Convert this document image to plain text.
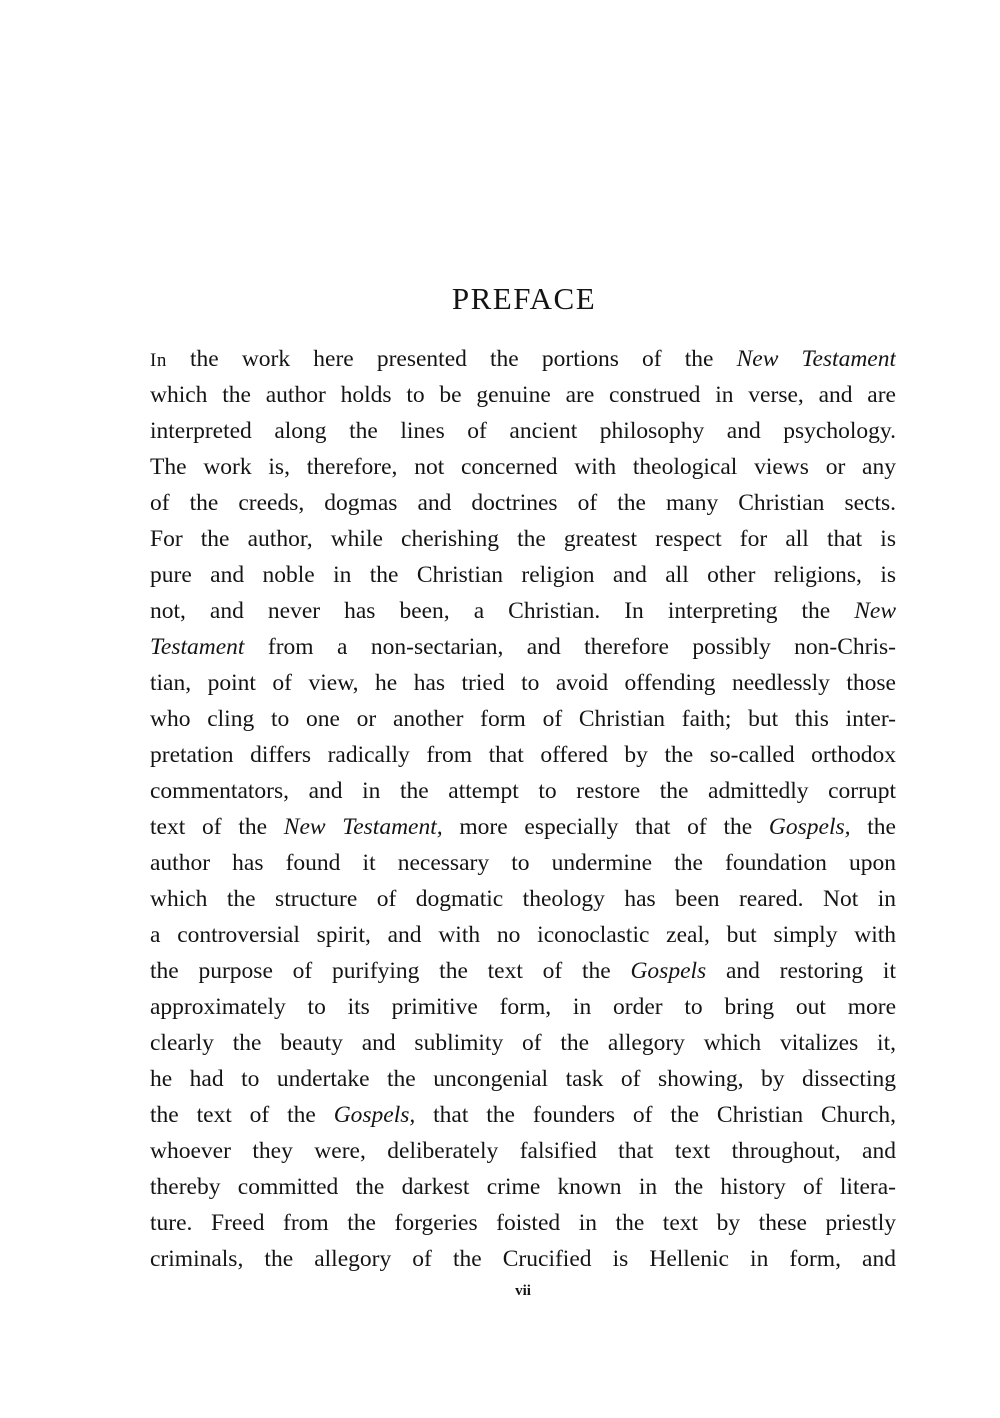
PREFACE
In the work here presented the portions of the New Testament
which the author holds to be genuine are construed in verse, and are
interpreted along the lines of ancient philosophy and psychology.
The work is, therefore, not concerned with theological views or any
of the creeds, dogmas and doctrines of the many Christian sects.
For the author, while cherishing the greatest respect for all that is
pure and noble in the Christian religion and all other religions, is
not, and never has been, a Christian. In interpreting the New
Testament from a non-sectarian, and therefore possibly non-Chris-
tian, point of view, he has tried to avoid offending needlessly those
who cling to one or another form of Christian faith; but this inter-
pretation differs radically from that offered by the so-called orthodox
commentators, and in the attempt to restore the admittedly corrupt
text of the New Testament, more especially that of the Gospels, the
author has found it necessary to undermine the foundation upon
which the structure of dogmatic theology has been reared. Not in
a controversial spirit, and with no iconoclastic zeal, but simply with
the purpose of purifying the text of the Gospels and restoring it
approximately to its primitive form, in order to bring out more
clearly the beauty and sublimity of the allegory which vitalizes it,
he had to undertake the uncongenial task of showing, by dissecting
the text of the Gospels, that the founders of the Christian Church,
whoever they were, deliberately falsified that text throughout, and
thereby committed the darkest crime known in the history of litera-
ture. Freed from the forgeries foisted in the text by these priestly
criminals, the allegory of the Crucified is Hellenic in form, and
vii
